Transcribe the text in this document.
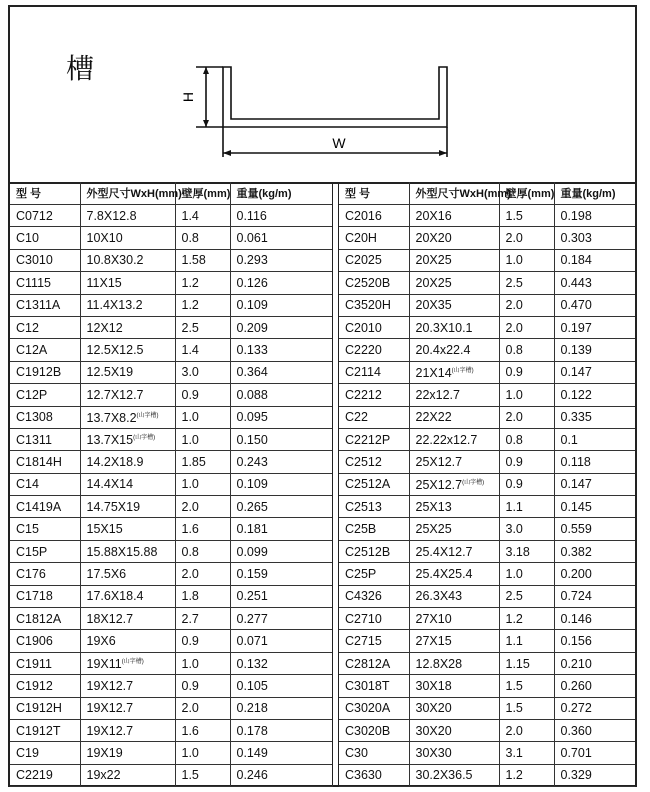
槽
H
W
型 号	外型尺寸WxH(mm)	壁厚(mm)	重量(kg/m)
C0712	7.8X12.8	1.4	0.116
C10	10X10	0.8	0.061
C3010	10.8X30.2	1.58	0.293
C1115	11X15	1.2	0.126
C1311A	11.4X13.2	1.2	0.109
C12	12X12	2.5	0.209
C12A	12.5X12.5	1.4	0.133
C1912B	12.5X19	3.0	0.364
C12P	12.7X12.7	0.9	0.088
C1308	13.7X8.2$^{(山字槽)}$	1.0	0.095
C1311	13.7X15$^{(山字槽)}$	1.0	0.150
C1814H	14.2X18.9	1.85	0.243
C14	14.4X14	1.0	0.109
C1419A	14.75X19	2.0	0.265
C15	15X15	1.6	0.181
C15P	15.88X15.88	0.8	0.099
C176	17.5X6	2.0	0.159
C1718	17.6X18.4	1.8	0.251
C1812A	18X12.7	2.7	0.277
C1906	19X6	0.9	0.071
C1911	19X11$^{(山字槽)}$	1.0	0.132
C1912	19X12.7	0.9	0.105
C1912H	19X12.7	2.0	0.218
C1912T	19X12.7	1.6	0.178
C19	19X19	1.0	0.149
C2219	19x22	1.5	0.246
型 号	外型尺寸WxH(mm)	壁厚(mm)	重量(kg/m)
C2016	20X16	1.5	0.198
C20H	20X20	2.0	0.303
C2025	20X25	1.0	0.184
C2520B	20X25	2.5	0.443
C3520H	20X35	2.0	0.470
C2010	20.3X10.1	2.0	0.197
C2220	20.4x22.4	0.8	0.139
C2114	21X14$^{(山字槽)}$	0.9	0.147
C2212	22x12.7	1.0	0.122
C22	22X22	2.0	0.335
C2212P	22.22x12.7	0.8	0.1
C2512	25X12.7	0.9	0.118
C2512A	25X12.7$^{(山字槽)}$	0.9	0.147
C2513	25X13	1.1	0.145
C25B	25X25	3.0	0.559
C2512B	25.4X12.7	3.18	0.382
C25P	25.4X25.4	1.0	0.200
C4326	26.3X43	2.5	0.724
C2710	27X10	1.2	0.146
C2715	27X15	1.1	0.156
C2812A	12.8X28	1.15	0.210
C3018T	30X18	1.5	0.260
C3020A	30X20	1.5	0.272
C3020B	30X20	2.0	0.360
C30	30X30	3.1	0.701
C3630	30.2X36.5	1.2	0.329
